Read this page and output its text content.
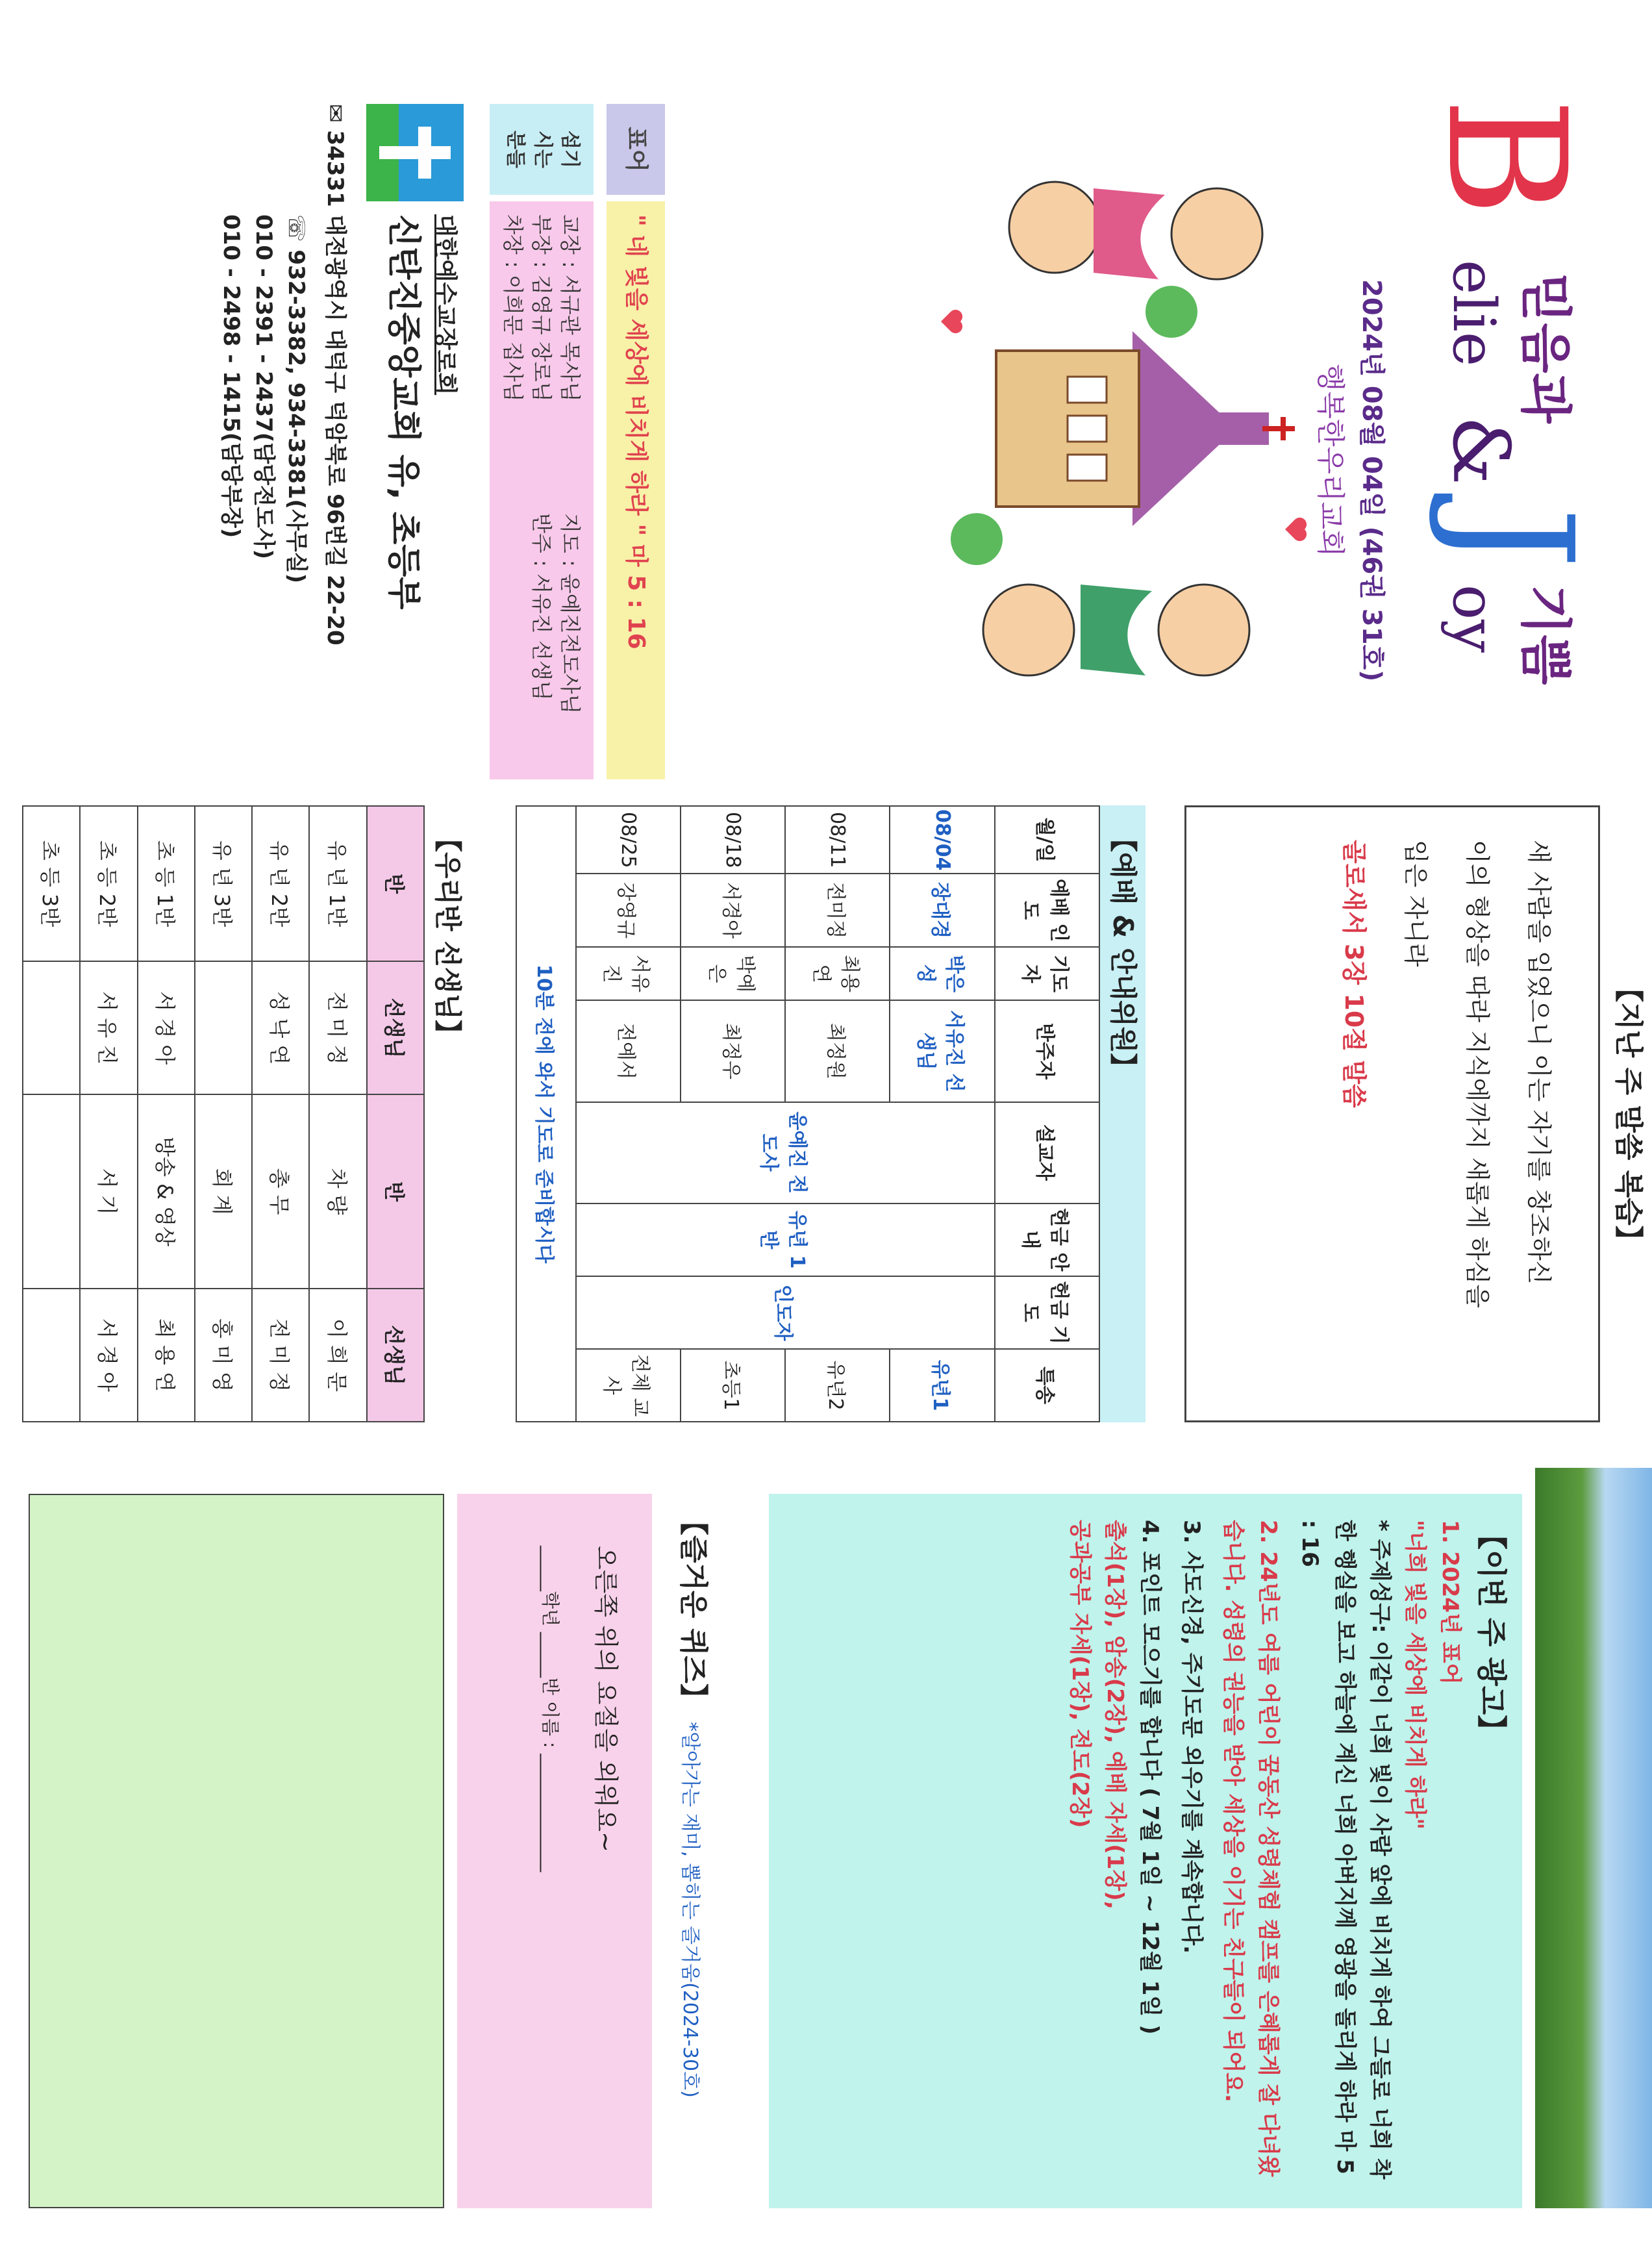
B
믿음과
elie
&
J
기쁨
oy
2024년 08월 04일 (46권 31호)
행복한우리교회
표어
" 네 빛을 세상에 비치게 하라 " 마 5 : 16
섬기
시는
분들
교장 : 서규관 목사님
부장 : 김영규 장로님
차장 : 이희문 집사님
지도 : 윤예진전도사님
반주 : 서유진 선생님
대한예수교장로회
신탄진중앙교회 유, 초등부
✉ 34331 대전광역시 대덕구 덕암북로 96번길 22-20
☏ 932-3382, 934-3381(사무실)
010 - 2391 - 2437(담당전도사)
010 - 2498 - 1415(담당부장)
【지난 주 말씀 복습】
새 사람을 입었으니 이는 자기를 창조하신
이의 형상을 따라 지식에까지 새롭게 하심을
입은 자니라
골로새서 3장 10절 말씀
【예배 & 안내위원】
월/일	예배 인도	기도자	반주자	설교자	헌금 안내	헌금 기도	특송
08/04	장대경	박은성	서유진 선생님	윤예진 전도사	유년 1반	인도자	유년1
08/11	전미정	최용연	최정원				유년2
08/18	서경아	박예은	최정우				초등1
08/25	강영규	서유진	전예서				전체 교사
10분 전에 와서 기도로 준비합시다							
【우리반 선생님】
반	선생님	반	선생님
유 년 1반	전 미 정	차 량	이 희 문
유 년 2반	성 낙 연	총 무	전 미 정
유 년 3반		회 계	홍 미 영
초 등 1반	서 경 아	방송 & 영상	최 용 연
초 등 2반	서 유 진	서 기	서 경 아
초 등 3반			
【이번 주 광고】
1. 2024년 표어
"너희 빛을 세상에 비치게 하라"
* 주제성구: 이같이 너희 빛이 사람 앞에 비치게 하여 그들로 너희 착한 행실을 보고 하늘에 계신 너희 아버지께 영광을 돌리게 하라 마 5 : 16
2. 24년도 여름 어린이 꿈동산 성령체험 캠프를 은혜롭게 잘 다녀왔습니다. 성령의 권능을 받아 세상을 이기는 친구들이 되어요.
3. 사도신경, 주기도문 외우기를 계속합니다.
4. 포인트 모으기를 합니다 ( 7월 1일 ~ 12월 1일 )
출석(1장), 암송(2장), 예배 자세(1장),
공과공부 자세(1장), 전도(2장)
【즐거운 퀴즈】 *알아가는 재미, 뽑히는 즐거움(2024-30호)
오른쪽 위의 요절을 외워요~
_____학년 _____반 이름 : _____________
